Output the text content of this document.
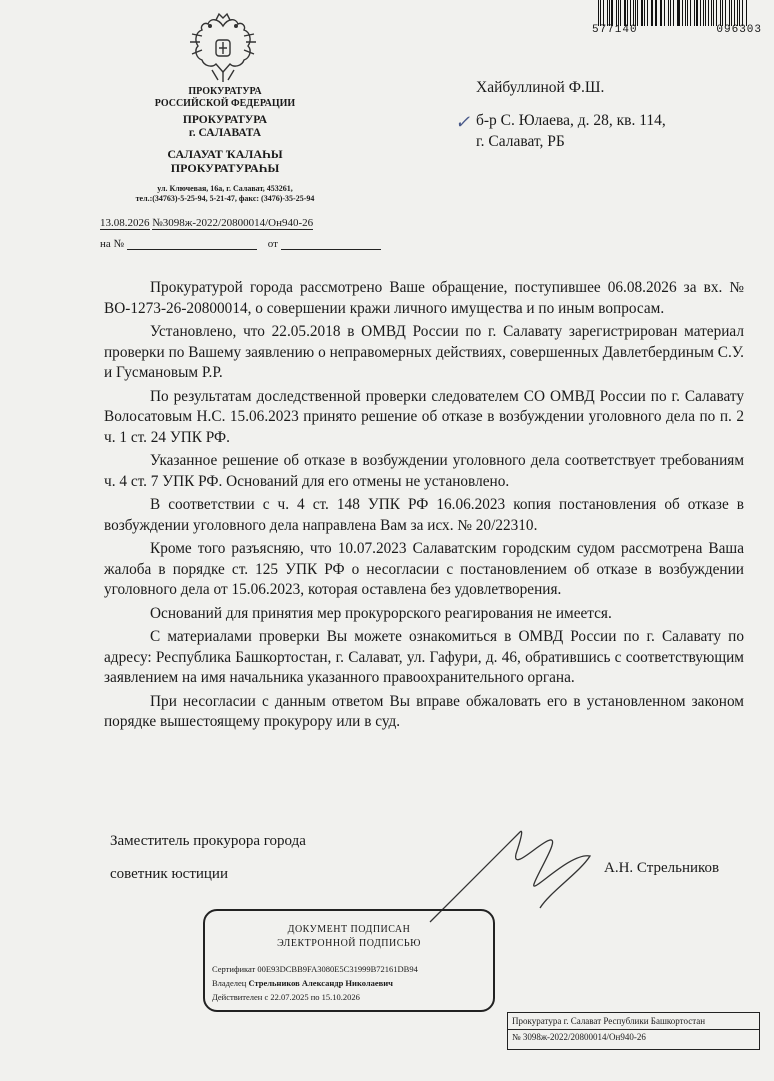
577140	096303
ПРОКУРАТУРА
РОССИЙСКОЙ ФЕДЕРАЦИИ
ПРОКУРАТУРА
г. САЛАВАТА
САЛАУАТ ҠАЛАҺЫ
ПРОКУРАТУРАҺЫ
ул. Ключевая, 16а, г. Салават, 453261,
тел.:(34763)-5-25-94, 5-21-47, факс: (3476)-35-25-94
13.08.2026 №3098ж-2022/20800014/Он940-26
на №	от
Хайбуллиной Ф.Ш.
б-р С. Юлаева, д. 28, кв. 114,
г. Салават, РБ
✓

Прокуратурой города рассмотрено Ваше обращение, поступившее 06.08.2026 за вх. № ВО-1273-26-20800014, о совершении кражи личного имущества и по иным вопросам.

Установлено, что 22.05.2018 в ОМВД России по г. Салавату зарегистрирован материал проверки по Вашему заявлению о неправомерных действиях, совершенных Давлетбердиным С.У. и Гусмановым Р.Р.

По результатам доследственной проверки следователем СО ОМВД России по г. Салавату Волосатовым Н.С. 15.06.2023 принято решение об отказе в возбуждении уголовного дела по п. 2 ч. 1 ст. 24 УПК РФ.

Указанное решение об отказе в возбуждении уголовного дела соответствует требованиям ч. 4 ст. 7 УПК РФ. Оснований для его отмены не установлено.

В соответствии с ч. 4 ст. 148 УПК РФ 16.06.2023 копия постановления об отказе в возбуждении уголовного дела направлена Вам за исх. № 20/22310.

Кроме того разъясняю, что 10.07.2023 Салаватским городским судом рассмотрена Ваша жалоба в порядке ст. 125 УПК РФ о несогласии с постановлением об отказе в возбуждении уголовного дела от 15.06.2023, которая оставлена без удовлетворения.

Оснований для принятия мер прокурорского реагирования не имеется.

С материалами проверки Вы можете ознакомиться в ОМВД России по г. Салавату по адресу: Республика Башкортостан, г. Салават, ул. Гафури, д. 46, обратившись с соответствующим заявлением на имя начальника указанного правоохранительного органа.

При несогласии с данным ответом Вы вправе обжаловать его в установленном законом порядке вышестоящему прокурору или в суд.

Заместитель прокурора города
советник юстиции	А.Н. Стрельников
ДОКУМЕНТ ПОДПИСАН
ЭЛЕКТРОННОЙ ПОДПИСЬЮ
Сертификат 00E93DCBB9FA3080E5C31999B72161DB94
Владелец Стрельников Александр Николаевич
Действителен с 22.07.2025 по 15.10.2026
Прокуратура г. Салават Республики Башкортостан
№ 3098ж-2022/20800014/Он940-26
